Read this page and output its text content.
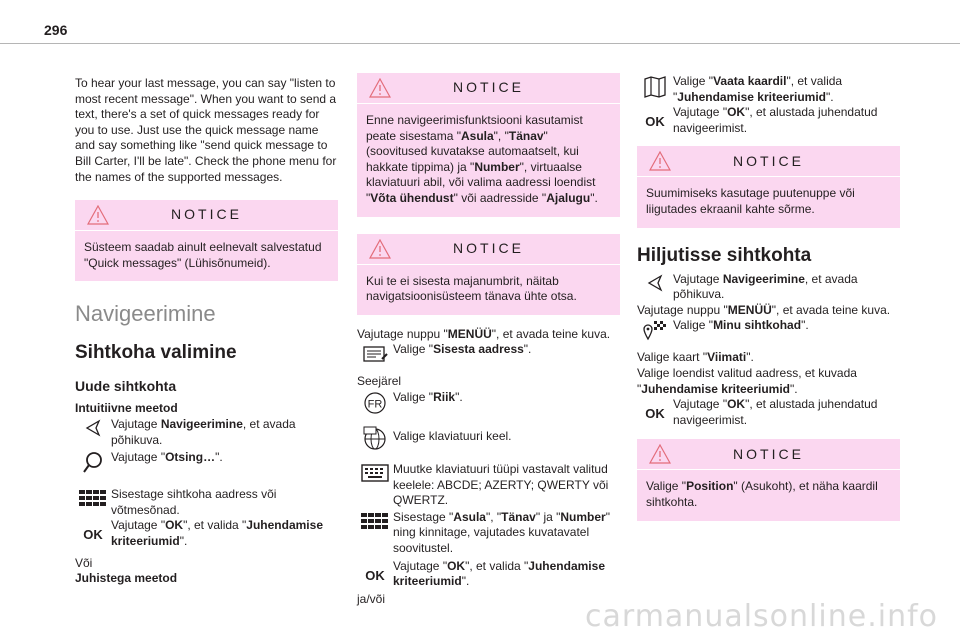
296

To hear your last message, you can say "listen to most recent message". When you want to send a text, there's a set of quick messages ready for you to use. Just use the quick message name and say something like "send quick message to Bill Carter, I'll be late". Check the phone menu for the names of the supported messages.

NOTICE
Süsteem saadab ainult eelnevalt salvestatud "Quick messages" (Lühisõnumeid).
Navigeerimine
Sihtkoha valimine
Uude sihtkohta

Intuitiivne meetod

Vajutage Navigeerimine, et avada põhikuva.

Vajutage "Otsing…".

Sisestage sihtkoha aadress või võtmesõnad.

OK

Vajutage "OK", et valida "Juhendamise kriteeriumid".

Või

Juhistega meetod

NOTICE
Enne navigeerimisfunktsiooni kasutamist peate sisestama "Asula", "Tänav" (soovitused kuvatakse automaatselt, kui hakkate tippima) ja "Number", virtuaalse klaviatuuri abil, või valima aadressi loendist "Võta ühendust" või aadresside "Ajalugu".
NOTICE
Kui te ei sisesta majanumbrit, näitab navigatsioonisüsteem tänava ühte otsa.

Vajutage nuppu "MENÜÜ", et avada teine kuva.

Valige "Sisesta aadress".

Seejärel

FR

Valige "Riik".

Valige klaviatuuri keel.

Muutke klaviatuuri tüüpi vastavalt valitud keelele: ABCDE; AZERTY; QWERTY või QWERTZ.

Sisestage "Asula", "Tänav" ja "Number" ning kinnitage, vajutades kuvatavatel soovitustel.

OK

Vajutage "OK", et valida "Juhendamise kriteeriumid".

ja/või

Valige "Vaata kaardil", et valida "Juhendamise kriteeriumid".

OK

Vajutage "OK", et alustada juhendatud navigeerimist.

NOTICE
Suumimiseks kasutage puutenuppe või liigutades ekraanil kahte sõrme.
Hiljutisse sihtkohta

Vajutage Navigeerimine, et avada põhikuva.

Vajutage nuppu "MENÜÜ", et avada teine kuva.

Valige "Minu sihtkohad".

Valige kaart "Viimati".

Valige loendist valitud aadress, et kuvada "Juhendamise kriteeriumid".

OK

Vajutage "OK", et alustada juhendatud navigeerimist.

NOTICE
Valige "Position" (Asukoht), et näha kaardil sihtkohta.
carmanualsonline.info
